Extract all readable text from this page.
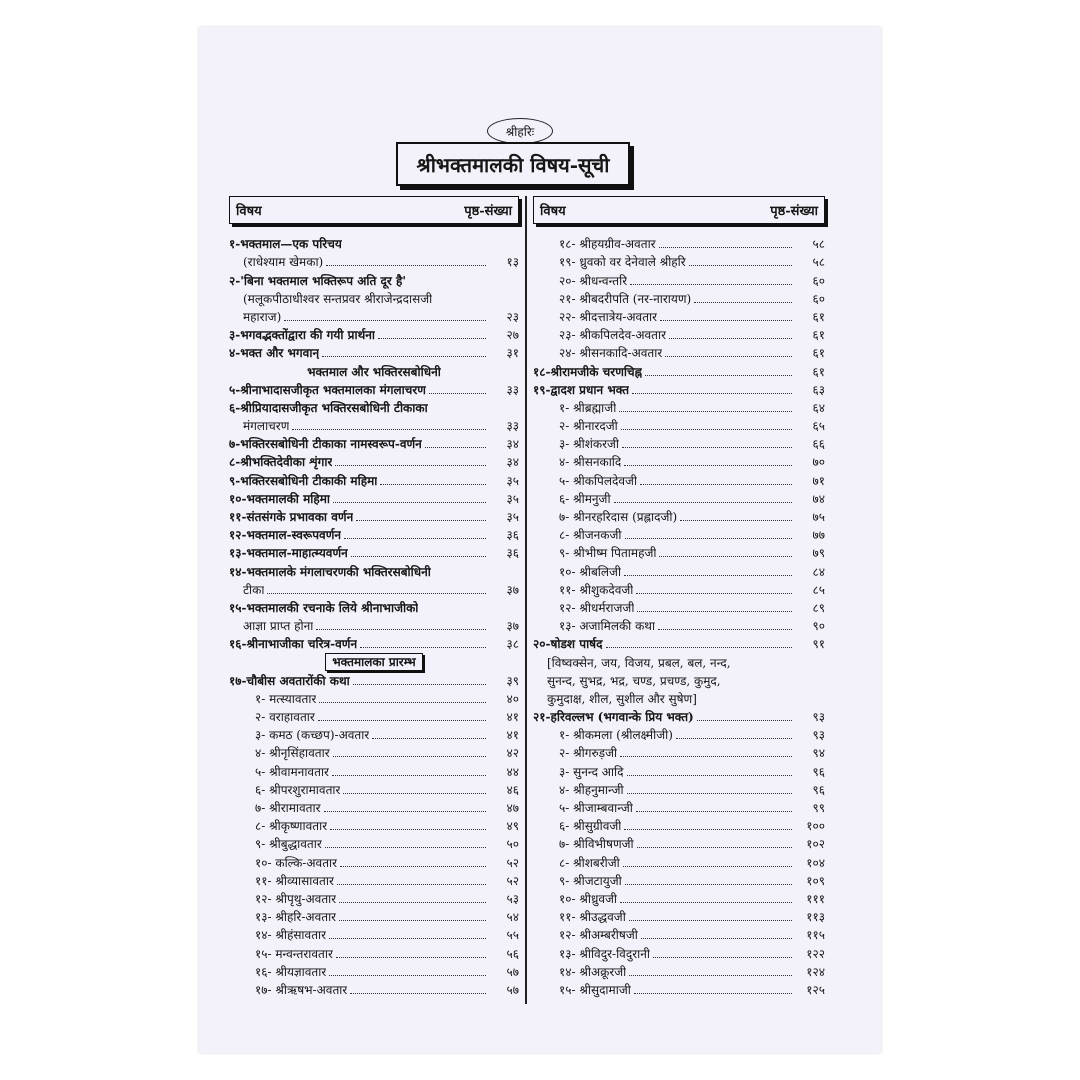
श्रीहरिः
श्रीभक्तमालकी विषय-सूची
विषय	पृष्ठ-संख्या
१-भक्तमाल—एक परिचय
(राधेश्याम खेमका)	१३
२-'बिना भक्तमाल भक्तिरूप अति दूर है'
(मलूकपीठाधीश्वर सन्तप्रवर श्रीराजेन्द्रदासजी
महाराज)	२३
३-भगवद्भक्तोंद्वारा की गयी प्रार्थना	२७
४-भक्त और भगवान्	३१
भक्तमाल और भक्तिरसबोधिनी
५-श्रीनाभादासजीकृत भक्तमालका मंगलाचरण	३३
६-श्रीप्रियादासजीकृत भक्तिरसबोधिनी टीकाका
मंगलाचरण	३३
७-भक्तिरसबोधिनी टीकाका नामस्वरूप-वर्णन	३४
८-श्रीभक्तिदेवीका शृंगार	३४
९-भक्तिरसबोधिनी टीकाकी महिमा	३५
१०-भक्तमालकी महिमा	३५
११-संतसंगके प्रभावका वर्णन	३५
१२-भक्तमाल-स्वरूपवर्णन	३६
१३-भक्तमाल-माहात्म्यवर्णन	३६
१४-भक्तमालके मंगलाचरणकी भक्तिरसबोधिनी
टीका	३७
१५-भक्तमालकी रचनाके लिये श्रीनाभाजीको
आज्ञा प्राप्त होना	३७
१६-श्रीनाभाजीका चरित्र-वर्णन	३८
भक्तमालका प्रारम्भ
१७-चौबीस अवतारोंकी कथा	३९
१- मत्स्यावतार	४०
२- वराहावतार	४१
३- कमठ (कच्छप)-अवतार	४१
४- श्रीनृसिंहावतार	४२
५- श्रीवामनावतार	४४
६- श्रीपरशुरामावतार	४६
७- श्रीरामावतार	४७
८- श्रीकृष्णावतार	४९
९- श्रीबुद्धावतार	५०
१०- कल्कि-अवतार	५२
११- श्रीव्यासावतार	५२
१२- श्रीपृथु-अवतार	५३
१३- श्रीहरि-अवतार	५४
१४- श्रीहंसावतार	५५
१५- मन्वन्तरावतार	५६
१६- श्रीयज्ञावतार	५७
१७- श्रीऋषभ-अवतार	५७
विषय	पृष्ठ-संख्या
१८- श्रीहयग्रीव-अवतार	५८
१९- ध्रुवको वर देनेवाले श्रीहरि	५८
२०- श्रीधन्वन्तरि	६०
२१- श्रीबदरीपति (नर-नारायण)	६०
२२- श्रीदत्तात्रेय-अवतार	६१
२३- श्रीकपिलदेव-अवतार	६१
२४- श्रीसनकादि-अवतार	६१
१८-श्रीरामजीके चरणचिह्न	६१
१९-द्वादश प्रधान भक्त	६३
१- श्रीब्रह्माजी	६४
२- श्रीनारदजी	६५
३- श्रीशंकरजी	६६
४- श्रीसनकादि	७०
५- श्रीकपिलदेवजी	७१
६- श्रीमनुजी	७४
७- श्रीनरहरिदास (प्रह्लादजी)	७५
८- श्रीजनकजी	७७
९- श्रीभीष्म पितामहजी	७९
१०- श्रीबलिजी	८४
११- श्रीशुकदेवजी	८५
१२- श्रीधर्मराजजी	८९
१३- अजामिलकी कथा	९०
२०-षोडश पार्षद	९१
[विष्वक्सेन, जय, विजय, प्रबल, बल, नन्द,
सुनन्द, सुभद्र, भद्र, चण्ड, प्रचण्ड, कुमुद,
कुमुदाक्ष, शील, सुशील और सुषेण]
२१-हरिवल्लभ (भगवान्के प्रिय भक्त)	९३
१- श्रीकमला (श्रीलक्ष्मीजी)	९३
२- श्रीगरुड़जी	९४
३- सुनन्द आदि	९६
४- श्रीहनुमान्जी	९६
५- श्रीजाम्बवान्जी	९९
६- श्रीसुग्रीवजी	१००
७- श्रीविभीषणजी	१०२
८- श्रीशबरीजी	१०४
९- श्रीजटायुजी	१०९
१०- श्रीध्रुवजी	१११
११- श्रीउद्धवजी	११३
१२- श्रीअम्बरीषजी	११५
१३- श्रीविदुर-विदुरानी	१२२
१४- श्रीअक्रूरजी	१२४
१५- श्रीसुदामाजी	१२५
